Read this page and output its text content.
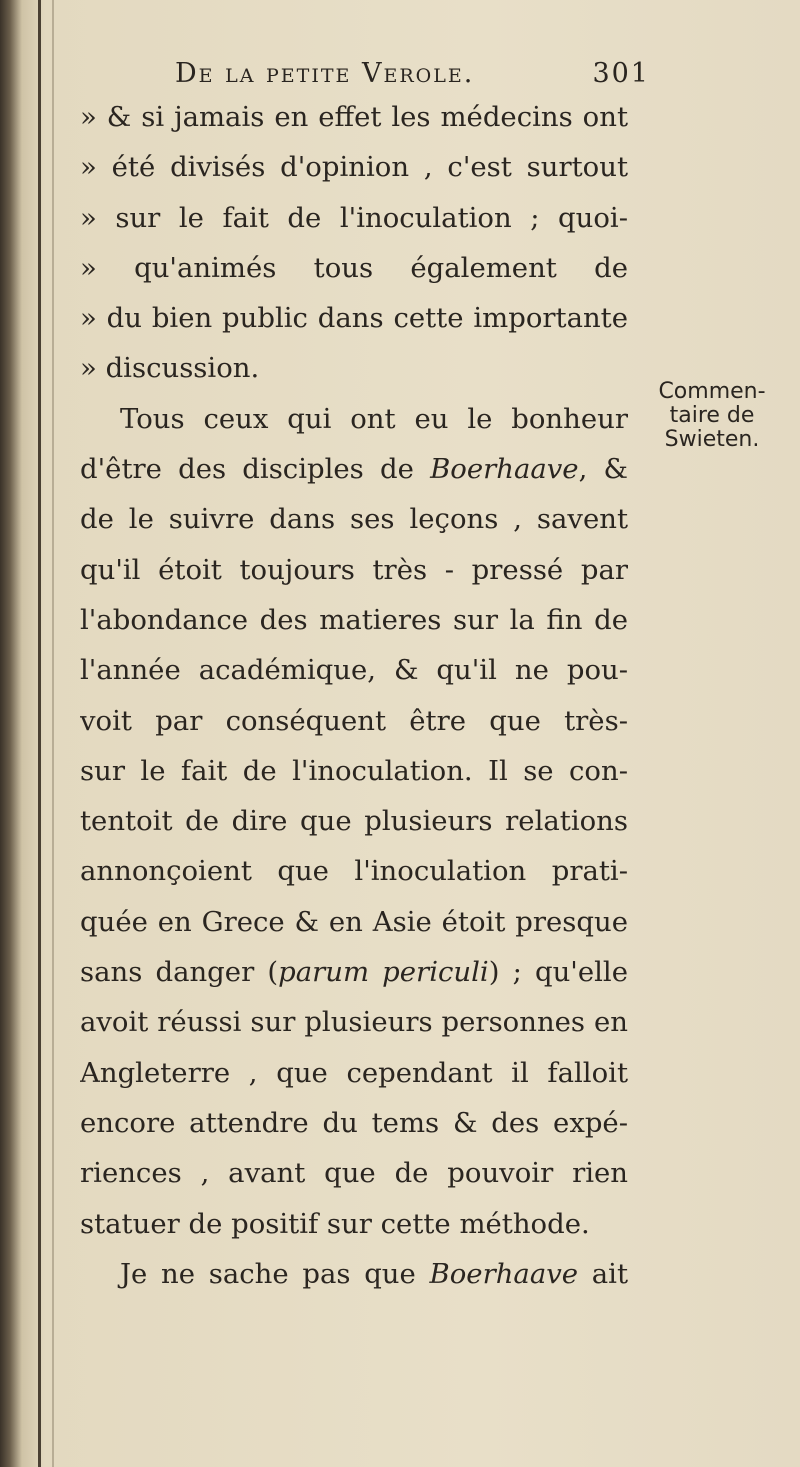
De la petite Verole.	301
» & si jamais en effet les médecins ont
» été divisés d'opinion , c'est surtout
» sur le fait de l'inoculation ; quoi-
» qu'animés tous également de
» du bien public dans cette importante
» discussion.
Tous ceux qui ont eu le bonheur
d'être des disciples de Boerhaave, &
de le suivre dans ses leçons , savent
qu'il étoit toujours très - pressé par
l'abondance des matieres sur la fin de
l'année académique, & qu'il ne pou-
voit par conséquent être que très-
sur le fait de l'inoculation. Il se con-
tentoit de dire que plusieurs relations
annonçoient que l'inoculation prati-
quée en Grece & en Asie étoit presque
sans danger (parum periculi) ; qu'elle
avoit réussi sur plusieurs personnes en
Angleterre , que cependant il falloit
encore attendre du tems & des expé-
riences , avant que de pouvoir rien
statuer de positif sur cette méthode.
Je ne sache pas que Boerhaave ait
Commen-
taire de
Swieten.
